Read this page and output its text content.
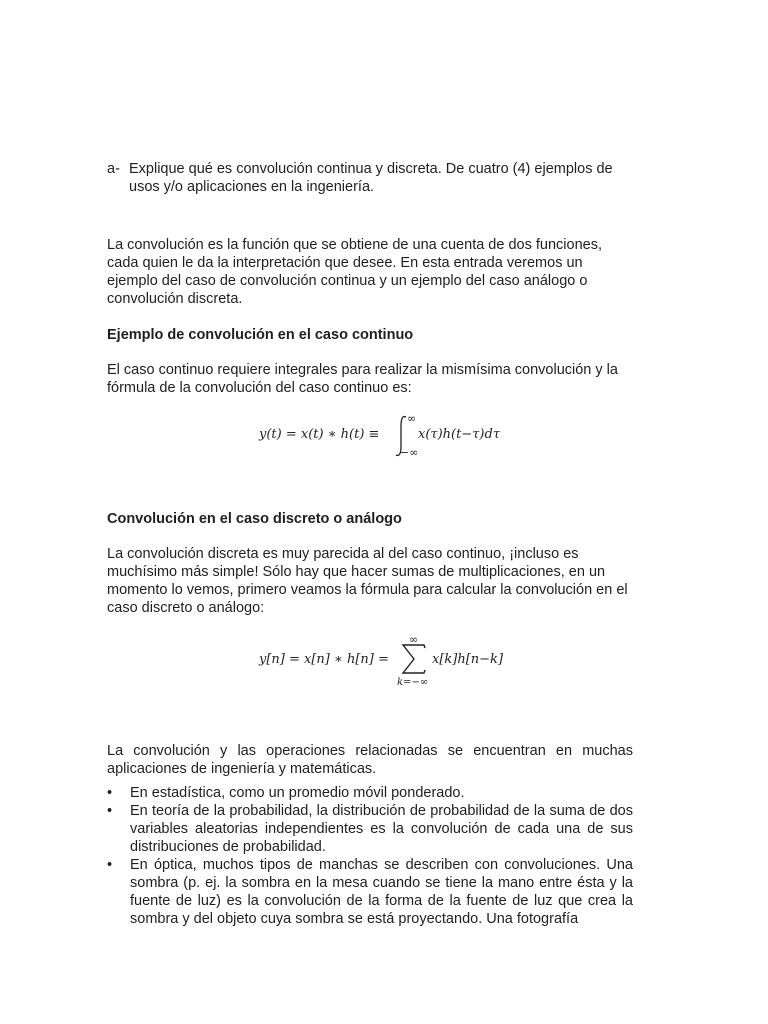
a- Explique qué es convolución continua y discreta. De cuatro (4) ejemplos de usos y/o aplicaciones en la ingeniería.

La convolución es la función que se obtiene de una cuenta de dos funciones, cada quien le da la interpretación que desee. En esta entrada veremos un ejemplo del caso de convolución continua y un ejemplo del caso análogo o convolución discreta.

Ejemplo de convolución en el caso continuo

El caso continuo requiere integrales para realizar la mismísima convolución y la fórmula de la convolución del caso continuo es:

y(t) = x(t) ∗ h(t) ≡
∞
−∞
x(τ)h(t−τ)dτ

Convolución en el caso discreto o análogo

La convolución discreta es muy parecida al del caso continuo, ¡incluso es muchísimo más simple! Sólo hay que hacer sumas de multiplicaciones, en un momento lo vemos, primero veamos la fórmula para calcular la convolución en el caso discreto o análogo:

y[n] = x[n] ∗ h[n] =
∞
k=−∞
x[k]h[n−k]

La convolución y las operaciones relacionadas se encuentran en muchas aplicaciones de ingeniería y matemáticas.

• En estadística, como un promedio móvil ponderado.
• En teoría de la probabilidad, la distribución de probabilidad de la suma de dos variables aleatorias independientes es la convolución de cada una de sus distribuciones de probabilidad.
• En óptica, muchos tipos de manchas se describen con convoluciones. Una sombra (p. ej. la sombra en la mesa cuando se tiene la mano entre ésta y la fuente de luz) es la convolución de la forma de la fuente de luz que crea la sombra y del objeto cuya sombra se está proyectando. Una fotografía
